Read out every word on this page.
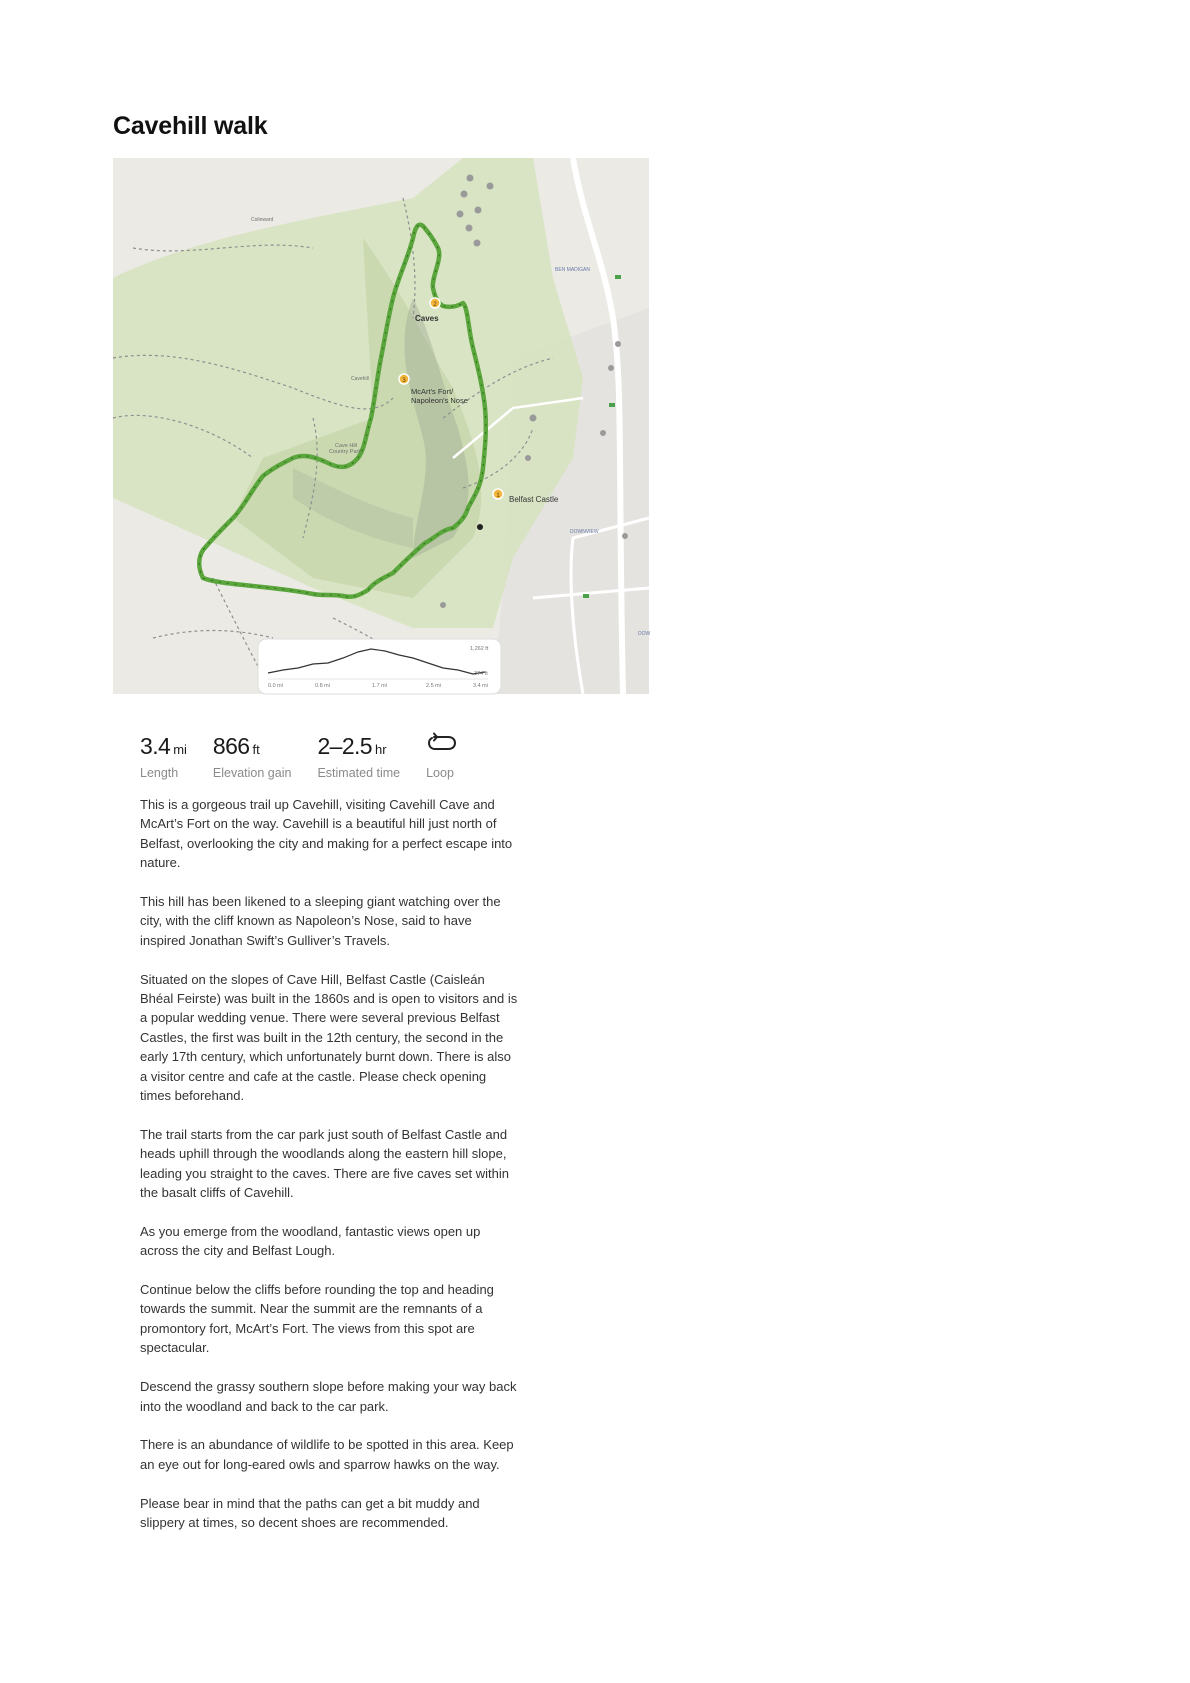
Cavehill walk
1
2
3
Caves
McArt's Fort/
Napoleon's Nose
Belfast Castle
Cave Hill
Country Park
Cavehill
Colinward
BEN MADIGAN
DOWNVIEW
DOW
1,262 ft
374 ft
0.0 mi	0.8 mi	1.7 mi	2.5 mi	3.4 mi
3.4 mi
Length
866 ft
Elevation gain
2–2.5 hr
Estimated time Loop

This is a gorgeous trail up Cavehill, visiting Cavehill Cave and McArt’s Fort on the way. Cavehill is a beautiful hill just north of Belfast, overlooking the city and making for a perfect escape into nature.

This hill has been likened to a sleeping giant watching over the city, with the cliff known as Napoleon’s Nose, said to have inspired Jonathan Swift’s Gulliver’s Travels.

Situated on the slopes of Cave Hill, Belfast Castle (Caisleán Bhéal Feirste) was built in the 1860s and is open to visitors and is a popular wedding venue. There were several previous Belfast Castles, the first was built in the 12th century, the second in the early 17th century, which unfortunately burnt down. There is also a visitor centre and cafe at the castle. Please check opening times beforehand.

The trail starts from the car park just south of Belfast Castle and heads uphill through the woodlands along the eastern hill slope, leading you straight to the caves. There are five caves set within the basalt cliffs of Cavehill.

As you emerge from the woodland, fantastic views open up across the city and Belfast Lough.

Continue below the cliffs before rounding the top and heading towards the summit. Near the summit are the remnants of a promontory fort, McArt’s Fort. The views from this spot are spectacular.

Descend the grassy southern slope before making your way back into the woodland and back to the car park.

There is an abundance of wildlife to be spotted in this area. Keep an eye out for long-eared owls and sparrow hawks on the way.

Please bear in mind that the paths can get a bit muddy and slippery at times, so decent shoes are recommended.
